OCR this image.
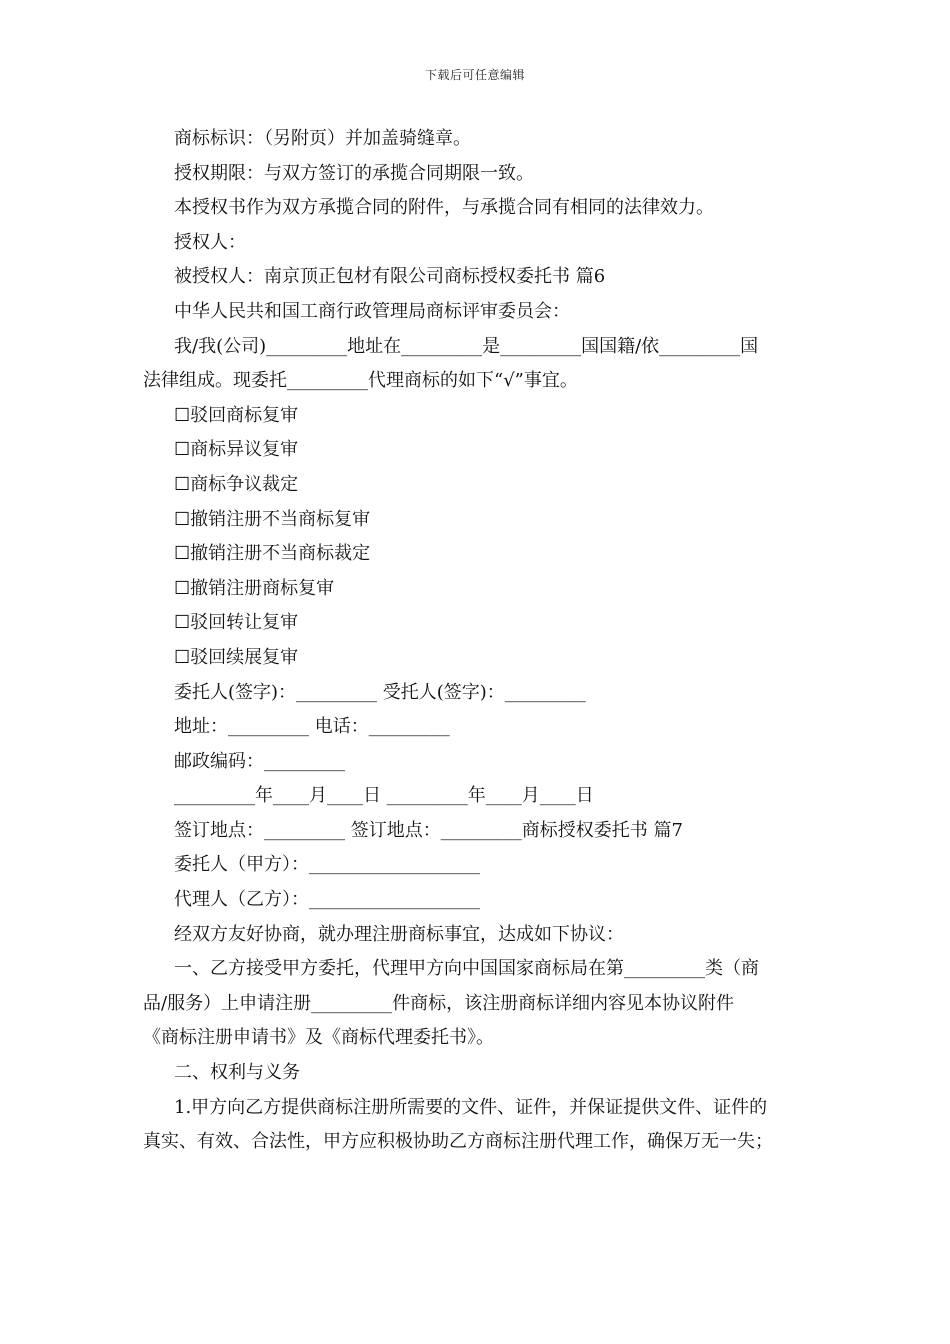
下载后可任意编辑
商标标识：（另附页）并加盖骑缝章。
授权期限：与双方签订的承揽合同期限一致。
本授权书作为双方承揽合同的附件，与承揽合同有相同的法律效力。
授权人：
被授权人：南京顶正包材有限公司商标授权委托书 篇6
中华人民共和国工商行政管理局商标评审委员会：
我/我(公司)_________地址在_________是_________国国籍/依_________国
法律组成。现委托_________代理商标的如下“√”事宜。
☐驳回商标复审
☐商标异议复审
☐商标争议裁定
☐撤销注册不当商标复审
☐撤销注册不当商标裁定
☐撤销注册商标复审
☐驳回转让复审
☐驳回续展复审
委托人(签字)：_________ 受托人(签字)：_________
地址：_________ 电话：_________
邮政编码：_________
_________年____月____日 _________年____月____日
签订地点：_________ 签订地点：_________商标授权委托书 篇7
委托人（甲方）：___________________
代理人（乙方）：___________________
经双方友好协商，就办理注册商标事宜，达成如下协议：
一、乙方接受甲方委托，代理甲方向中国国家商标局在第_________类（商
品/服务）上申请注册_________件商标，该注册商标详细内容见本协议附件
《商标注册申请书》及《商标代理委托书》。
二、权利与义务
1.甲方向乙方提供商标注册所需要的文件、证件，并保证提供文件、证件的
真实、有效、合法性，甲方应积极协助乙方商标注册代理工作，确保万无一失；
